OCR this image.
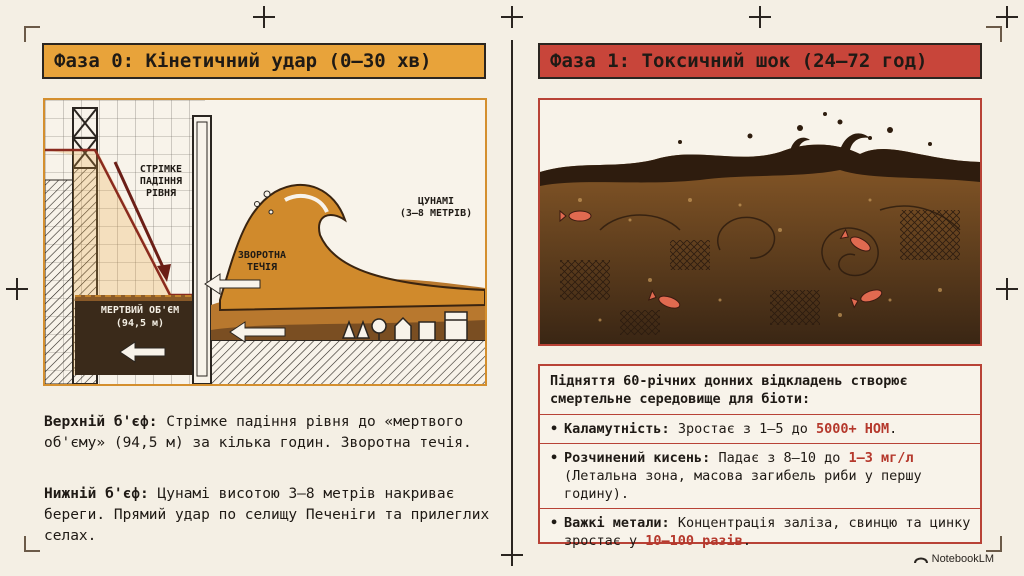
Фаза 0: Кінетичний удар (0–30 хв)
СТРІМКЕ
ПАДІННЯ
РІВНЯ
ЦУНАМІ
(3–8 МЕТРІВ)
ЗВОРОТНА
ТЕЧІЯ
МЕРТВИЙ ОБ'ЄМ
(94,5 м)
Верхній б'єф: Стрімке падіння рівня до «мертвого об'єму» (94,5 м) за кілька годин. Зворотна течія.
Нижній б'єф: Цунамі висотою 3–8 метрів накриває береги. Прямий удар по селищу Печеніги та прилеглих селах.
Фаза 1: Токсичний шок (24–72 год)
Підняття 60-річних донних відкладень створює смертельне середовище для біоти:
• Каламутність: Зростає з 1–5 до 5000+ НОМ.
• Розчинений кисень: Падає з 8–10 до 1–3 мг/л (Летальна зона, масова загибель риби у першу годину).
• Важкі метали: Концентрація заліза, свинцю та цинку зростає у 10–100 разів.
NotebookLM
